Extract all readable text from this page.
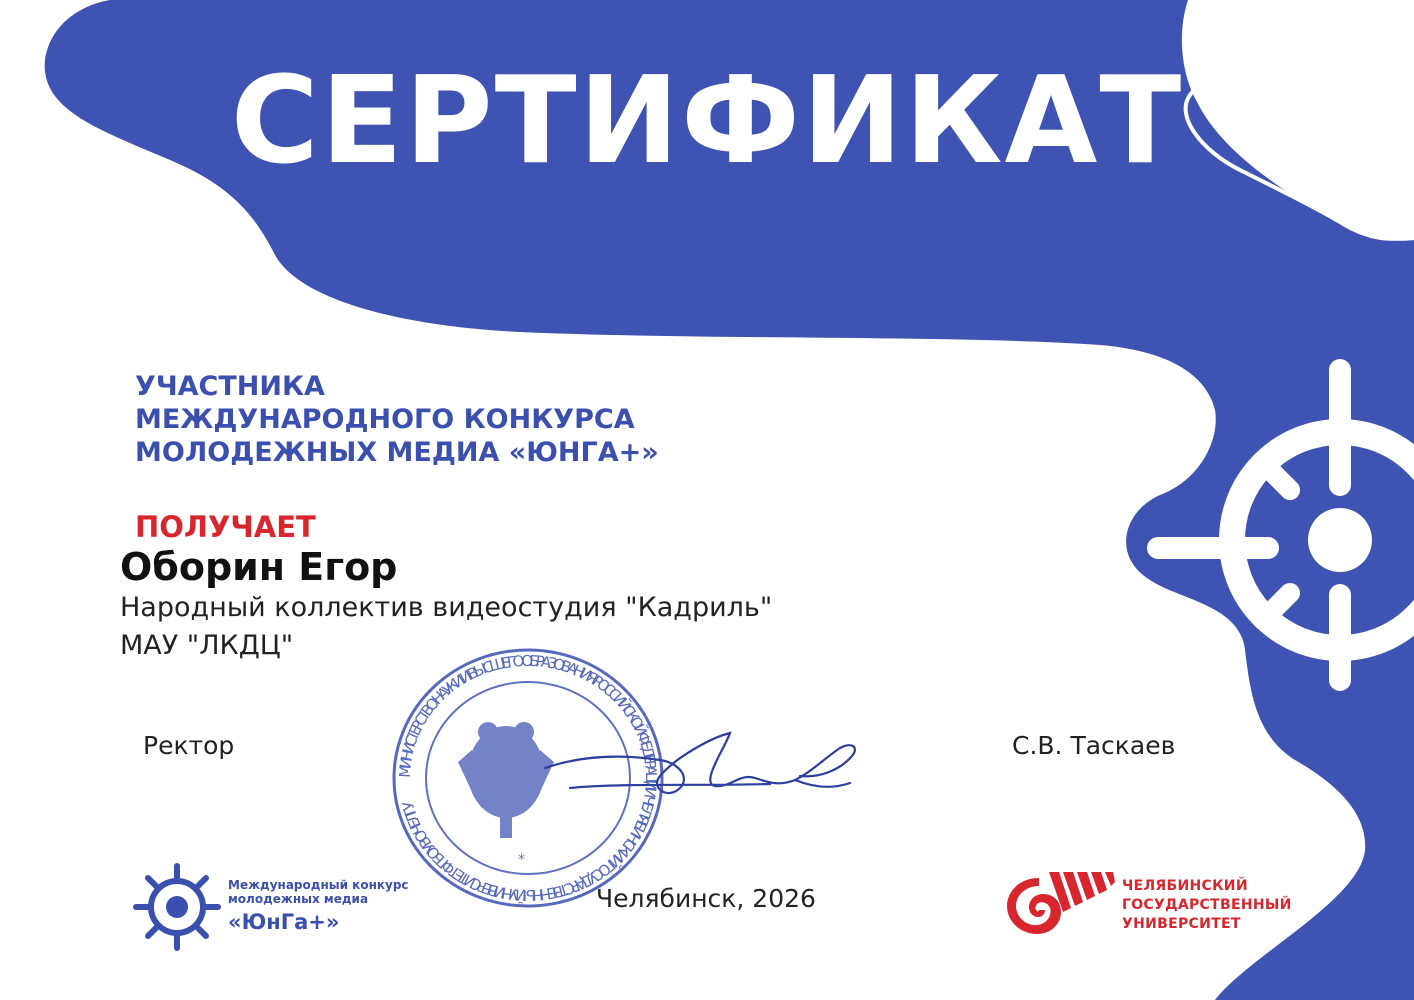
СЕРТИФИКАТ
УЧАСТНИКА
МЕЖДУНАРОДНОГО КОНКУРСА
МОЛОДЕЖНЫХ МЕДИА «ЮНГА+»
ПОЛУЧАЕТ
Оборин Егор
Народный коллектив видеостудия "Кадриль"
МАУ "ЛКДЦ"
МИНИСТЕРСТВО НАУКИ И ВЫСШЕГО ОБРАЗОВАНИЯ РОССИЙСКОЙ ФЕДЕРАЦИИ ЧЕЛЯБИНСКИЙ ГОСУДАРСТВЕННЫЙ УНИВЕРСИТЕТ ФГБОУ ВО ЧЕЛГУ
*
Ректор	С.В. Таскаев
Челябинск, 2026
Международный конкурс
молодежных медиа
«ЮнГа+»
ЧЕЛЯБИНСКИЙ
ГОСУДАРСТВЕННЫЙ
УНИВЕРСИТЕТ
